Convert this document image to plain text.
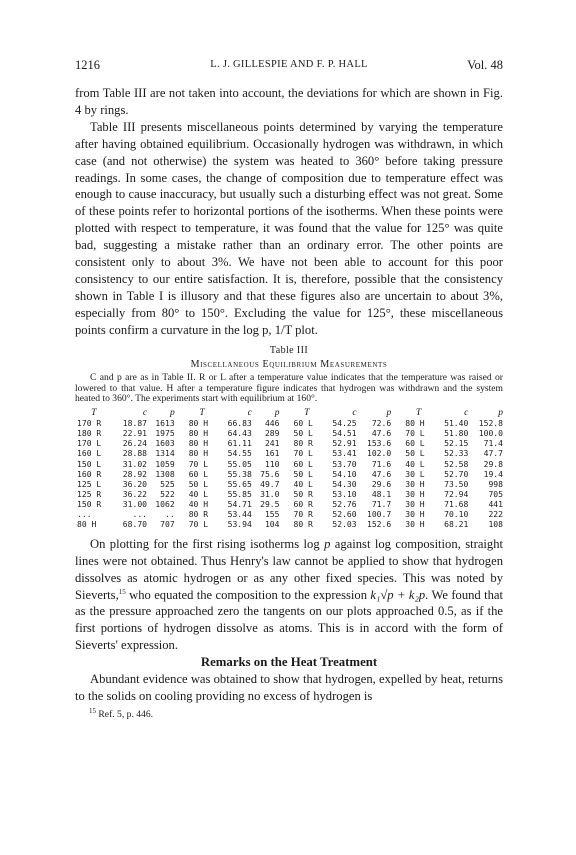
1216	L. J. GILLESPIE AND F. P. HALL	Vol. 48

from Table III are not taken into account, the deviations for which are shown in Fig. 4 by rings.

Table III presents miscellaneous points determined by varying the temperature after having obtained equilibrium. Occasionally hydrogen was withdrawn, in which case (and not otherwise) the system was heated to 360° before taking pressure readings. In some cases, the change of composition due to temperature effect was enough to cause inaccuracy, but usually such a disturbing effect was not great. Some of these points refer to horizontal portions of the isotherms. When these points were plotted with respect to temperature, it was found that the value for 125° was quite bad, suggesting a mistake rather than an ordinary error. The other points are consistent only to about 3%. We have not been able to account for this poor consistency to our entire satisfaction. It is, therefore, possible that the consistency shown in Table I is illusory and that these figures also are uncertain to about 3%, especially from 80° to 150°. Excluding the value for 125°, these miscellaneous points confirm a curvature in the log p, 1/T plot.

Table III
Miscellaneous Equilibrium Measurements
C and p are as in Table II. R or L after a temperature value indicates that the temperature was raised or lowered to that value. H after a temperature figure indicates that hydrogen was withdrawn and the system heated to 360°. The experiments start with equilibrium at 160°.
T	c	p		T	c	p		T	c	p		T	c	p
170 R	18.87	1613		80 H	66.83	446		60 L	54.25	72.6		80 H	51.40	152.8
180 R	22.91	1975		80 H	64.43	289		50 L	54.51	47.6		70 L	51.80	100.0
170 L	26.24	1603		80 H	61.11	241		80 R	52.91	153.6		60 L	52.15	71.4
160 L	28.88	1314		80 H	54.55	161		70 L	53.41	102.0		50 L	52.33	47.7
150 L	31.02	1059		70 L	55.05	110		60 L	53.70	71.6		40 L	52.58	29.8
160 R	28.92	1308		60 L	55.38	75.6		50 L	54.10	47.6		30 L	52.70	19.4
125 L	36.20	525		50 L	55.65	49.7		40 L	54.30	29.6		30 H	73.50	998
125 R	36.22	522		40 L	55.85	31.0		50 R	53.10	48.1		30 H	72.94	705
150 R	31.00	1062		40 H	54.71	29.5		60 R	52.76	71.7		30 H	71.68	441
...	...	..		80 R	53.44	155		70 R	52.60	100.7		30 H	70.10	222
80 H	68.70	707		70 L	53.94	104		80 R	52.03	152.6		30 H	68.21	108

On plotting for the first rising isotherms log p against log composition, straight lines were not obtained. Thus Henry's law cannot be applied to show that hydrogen dissolves as atomic hydrogen or as any other fixed species. This was noted by Sieverts,$^{15}$ who equated the composition to the expression k₁√p + k₂p. We found that as the pressure approached zero the tangents on our plots approached 0.5, as if the first portions of hydrogen dissolve as atoms. This is in accord with the form of Sieverts' expression.

Remarks on the Heat Treatment

Abundant evidence was obtained to show that hydrogen, expelled by heat, returns to the solids on cooling providing no excess of hydrogen is

$^{15}$ Ref. 5, p. 446.
